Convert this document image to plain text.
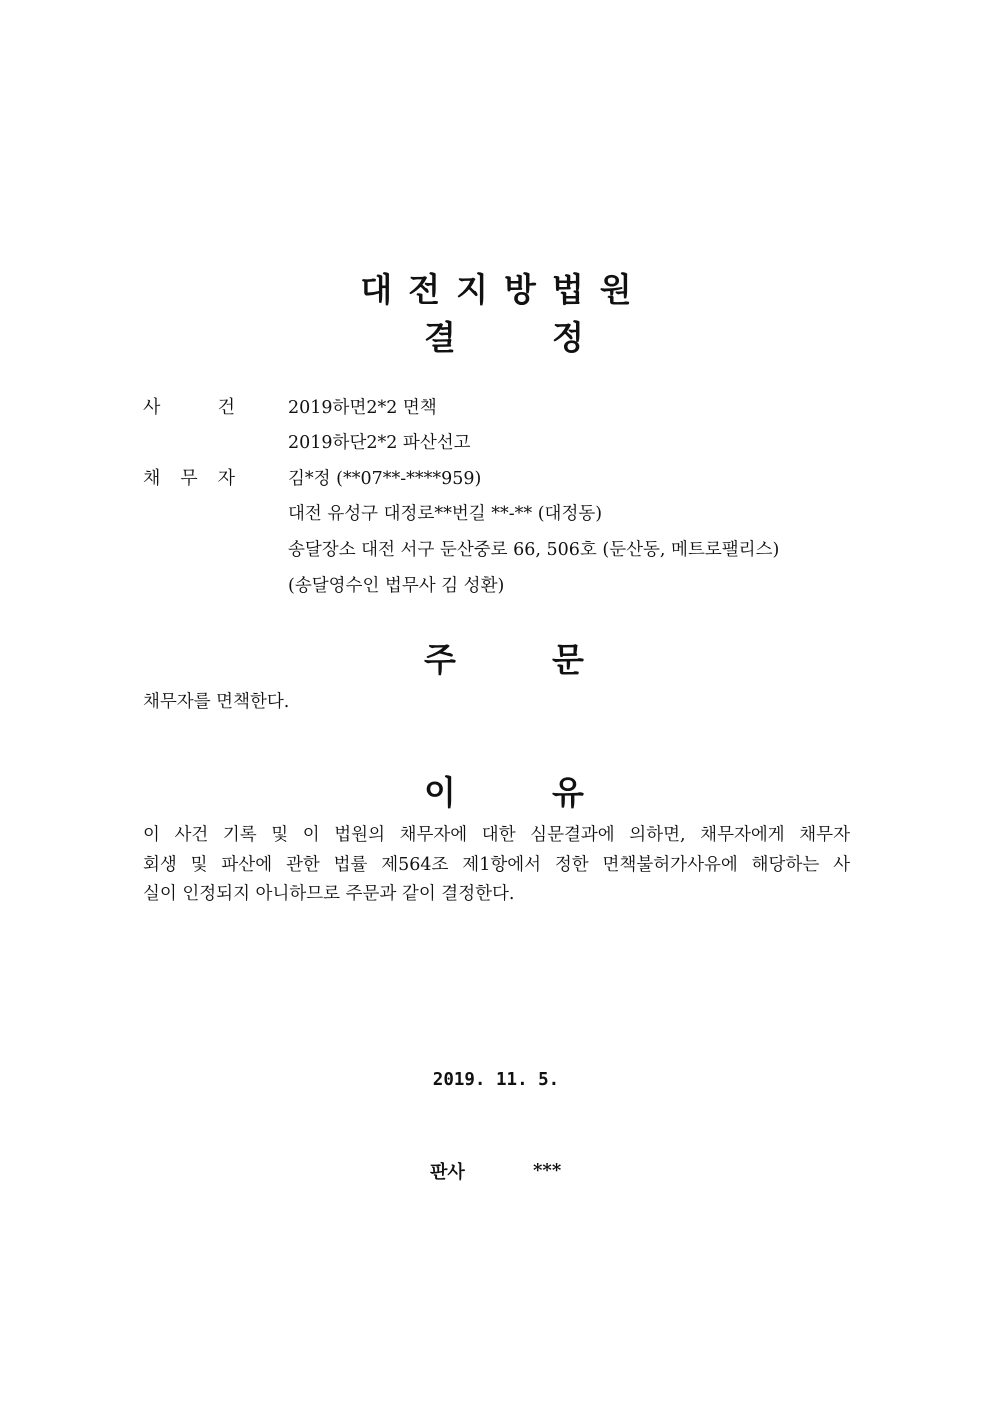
대전지방법원
결	정
사	건	2019하면2*2 면책
2019하단2*2 파산선고
채 무 자	김*정 (**07**-****959)
대전 유성구 대정로**번길 **-** (대정동)
송달장소 대전 서구 둔산중로 66, 506호 (둔산동, 메트로팰리스)
(송달영수인 법무사 김 성환)
주	문
채무자를 면책한다.
이	유
이 사건 기록 및 이 법원의 채무자에 대한 심문결과에 의하면, 채무자에게 채무자
회생 및 파산에 관한 법률 제564조 제1항에서 정한 면책불허가사유에 해당하는 사
실이 인정되지 아니하므로 주문과 같이 결정한다.
2019. 11. 5.
판사	***
